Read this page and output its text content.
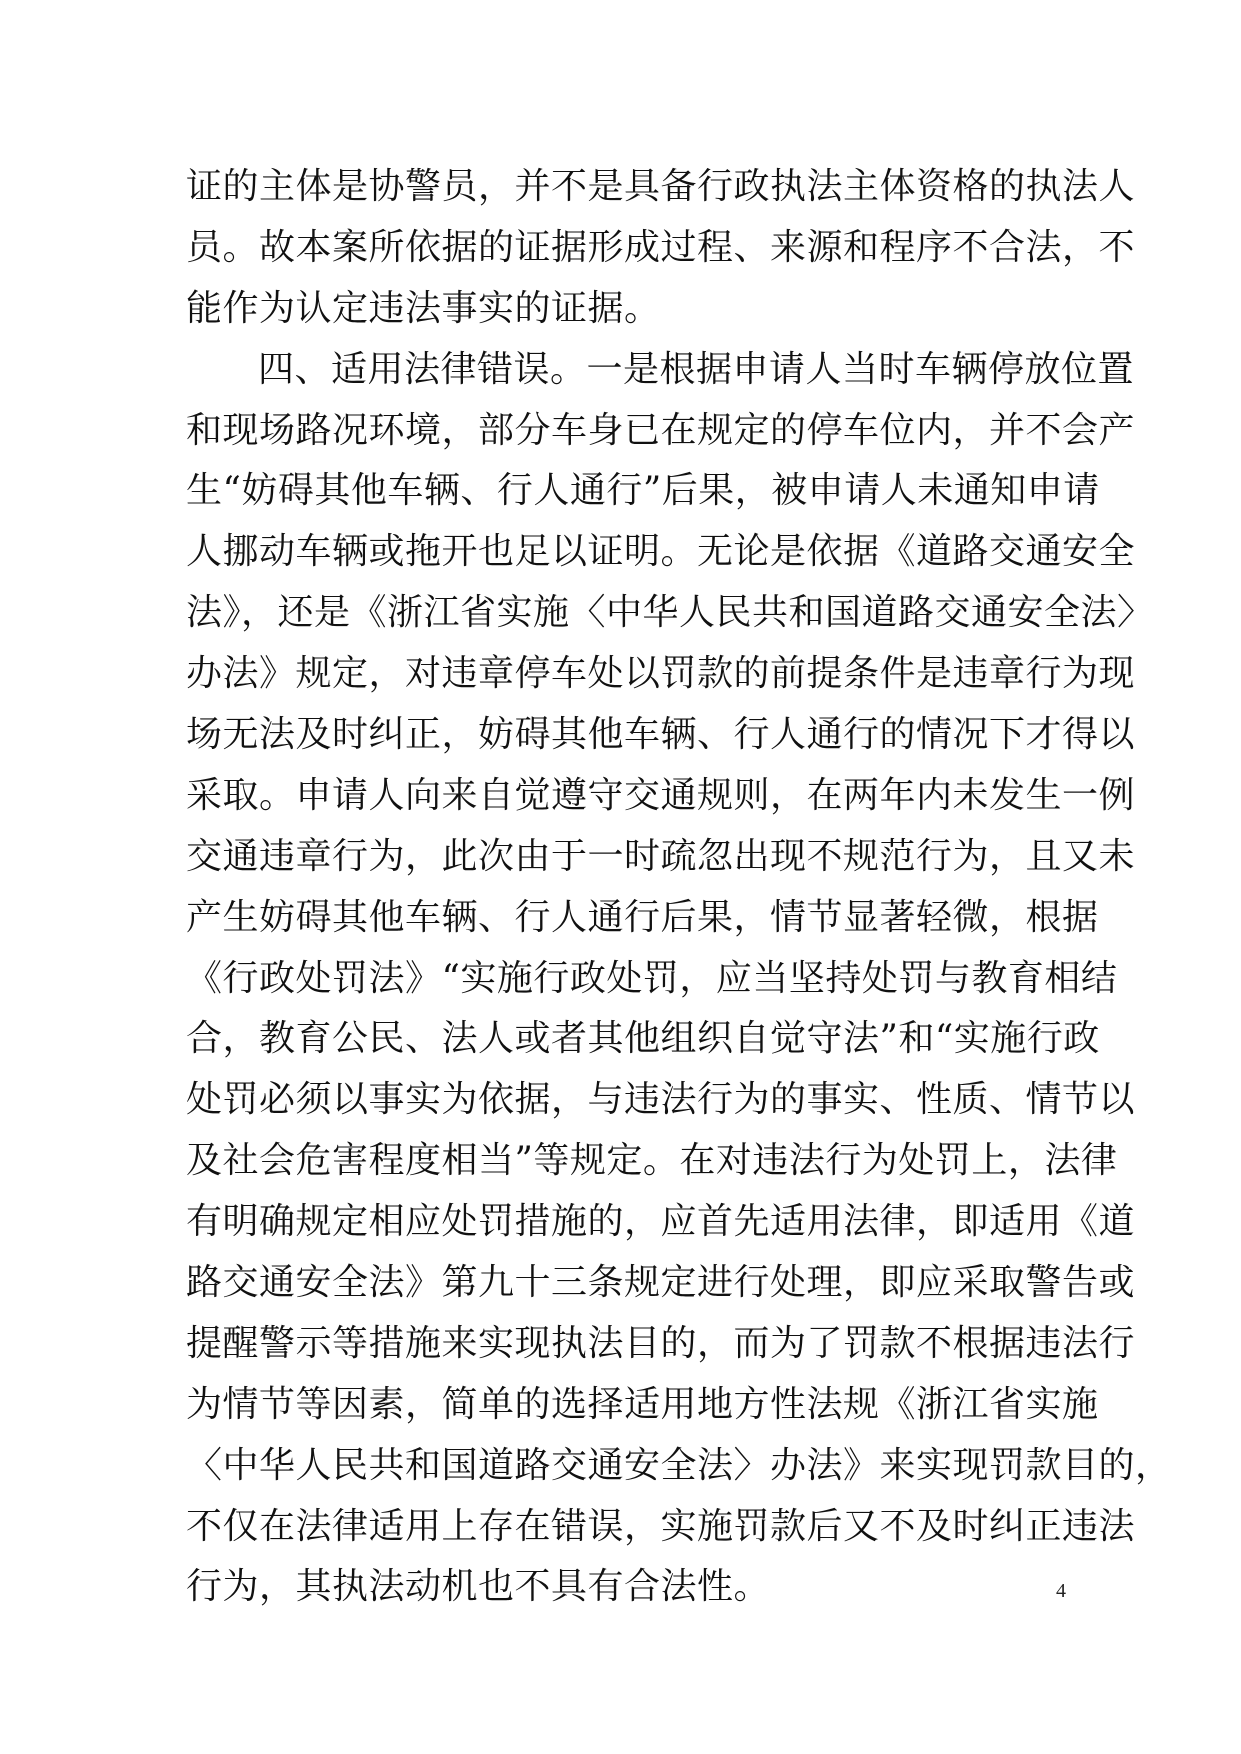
证的主体是协警员，并不是具备行政执法主体资格的执法人
员。故本案所依据的证据形成过程、来源和程序不合法，不
能作为认定违法事实的证据。
四、适用法律错误。一是根据申请人当时车辆停放位置
和现场路况环境，部分车身已在规定的停车位内，并不会产
生“妨碍其他车辆、行人通行”后果，被申请人未通知申请
人挪动车辆或拖开也足以证明。无论是依据《道路交通安全
法》，还是《浙江省实施〈中华人民共和国道路交通安全法〉
办法》规定，对违章停车处以罚款的前提条件是违章行为现
场无法及时纠正，妨碍其他车辆、行人通行的情况下才得以
采取。申请人向来自觉遵守交通规则，在两年内未发生一例
交通违章行为，此次由于一时疏忽出现不规范行为，且又未
产生妨碍其他车辆、行人通行后果，情节显著轻微，根据
《行政处罚法》“实施行政处罚，应当坚持处罚与教育相结
合，教育公民、法人或者其他组织自觉守法”和“实施行政
处罚必须以事实为依据，与违法行为的事实、性质、情节以
及社会危害程度相当”等规定。在对违法行为处罚上，法律
有明确规定相应处罚措施的，应首先适用法律，即适用《道
路交通安全法》第九十三条规定进行处理，即应采取警告或
提醒警示等措施来实现执法目的，而为了罚款不根据违法行
为情节等因素，简单的选择适用地方性法规《浙江省实施
〈中华人民共和国道路交通安全法〉办法》来实现罚款目的，
不仅在法律适用上存在错误，实施罚款后又不及时纠正违法
行为，其执法动机也不具有合法性。	4
